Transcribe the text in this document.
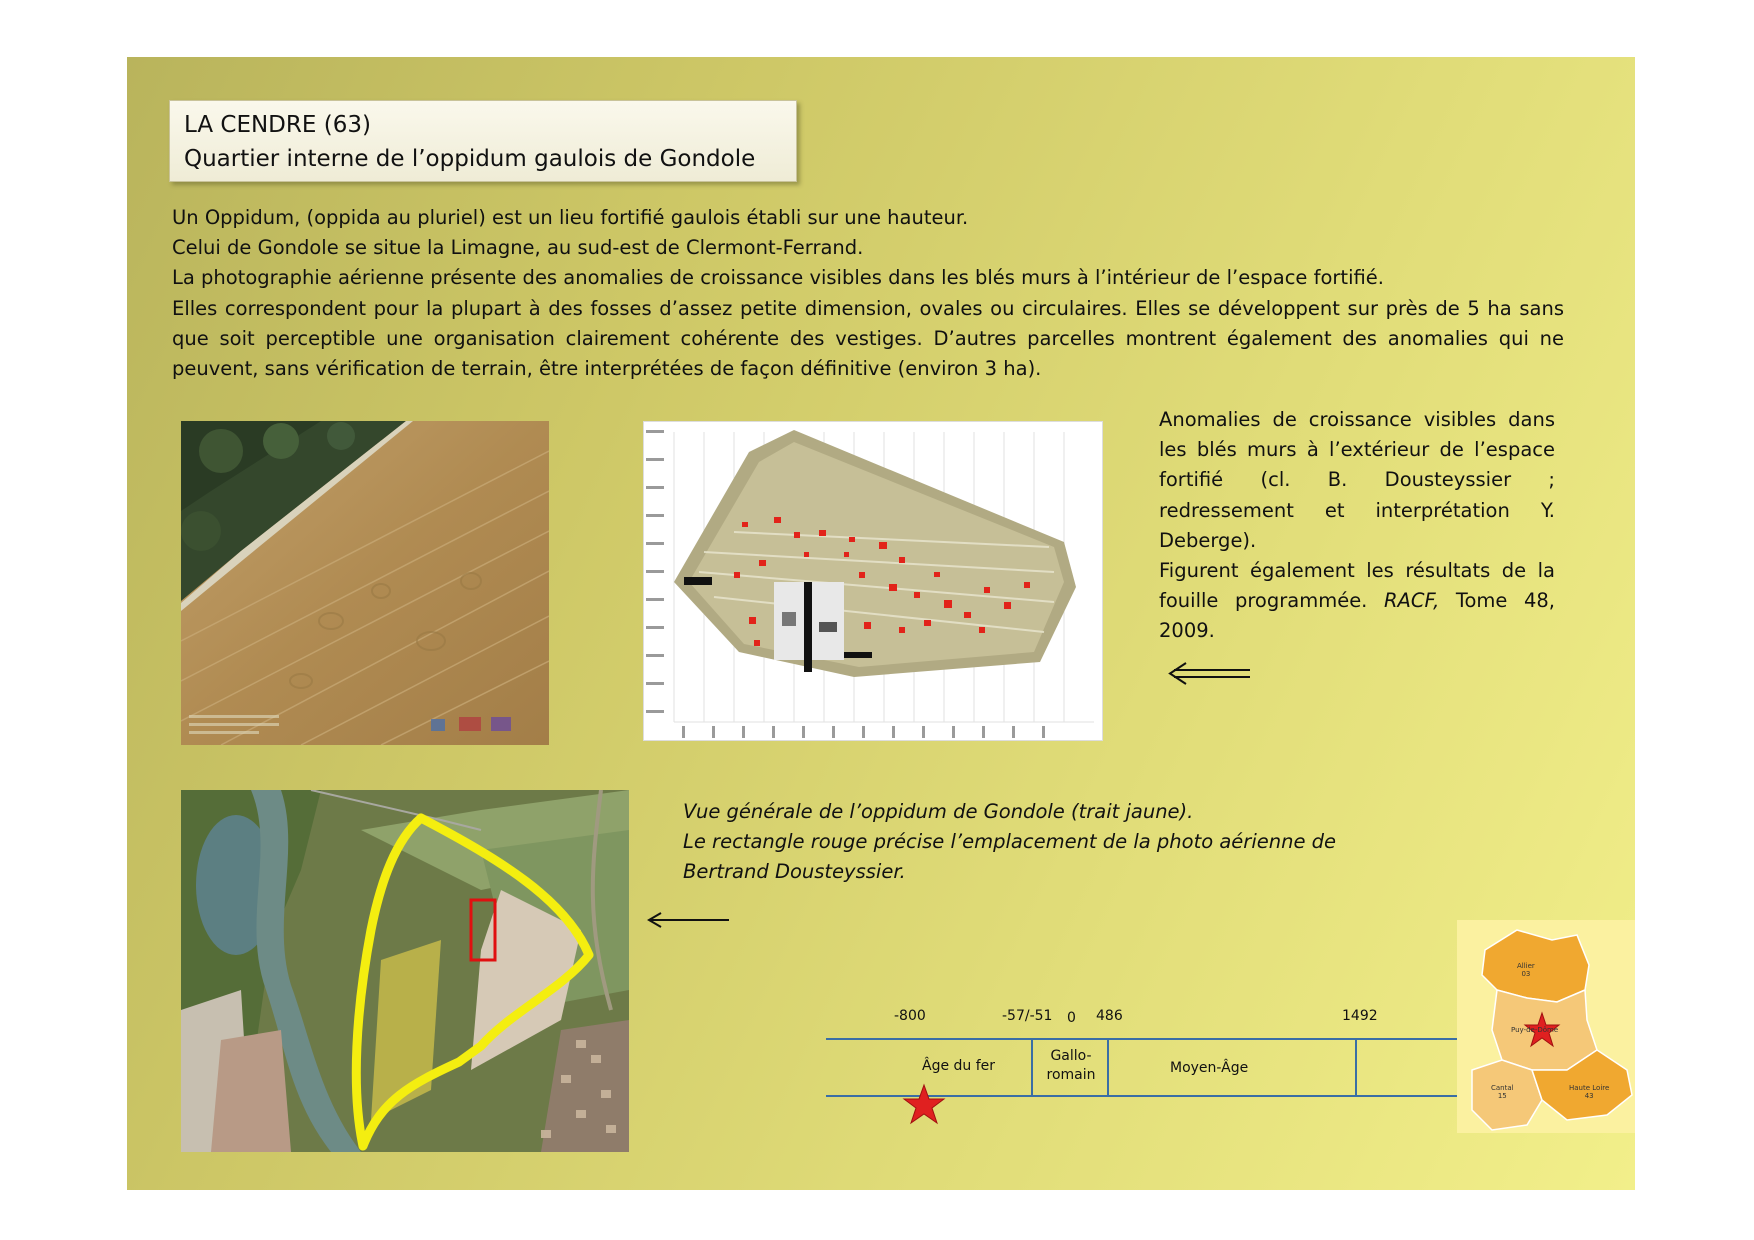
LA CENDRE (63)
Quartier interne de l’oppidum gaulois de Gondole

Un Oppidum, (oppida au pluriel) est un lieu fortifié gaulois établi sur une hauteur.

Celui de Gondole se situe la Limagne, au sud-est de Clermont-Ferrand.

La photographie aérienne présente des anomalies de croissance visibles dans les blés murs à l’intérieur de l’espace fortifié.

Elles correspondent pour la plupart à des fosses d’assez petite dimension, ovales ou circulaires. Elles se développent sur près de 5 ha sans que soit perceptible une organisation clairement cohérente des vestiges. D’autres parcelles montrent également des anomalies qui ne peuvent, sans vérification de terrain, être interprétées de façon définitive (environ 3 ha).

Anomalies de croissance visibles dans les blés murs à l’extérieur de l’espace fortifié (cl. B. Dousteyssier ; redressement et interprétation Y. Deberge).

Figurent également les résultats de la fouille programmée. RACF, Tome 48, 2009.

Vue générale de l’oppidum de Gondole (trait jaune).

Le rectangle rouge précise l’emplacement de la photo aérienne de Bertrand Dousteyssier.

-800	-57/-51 0 486	1492
Âge du fer
Gallo-
romain	Moyen-Âge
Allier
03
Puy-de-Dôme
Cantal
15
Haute Loire
43
